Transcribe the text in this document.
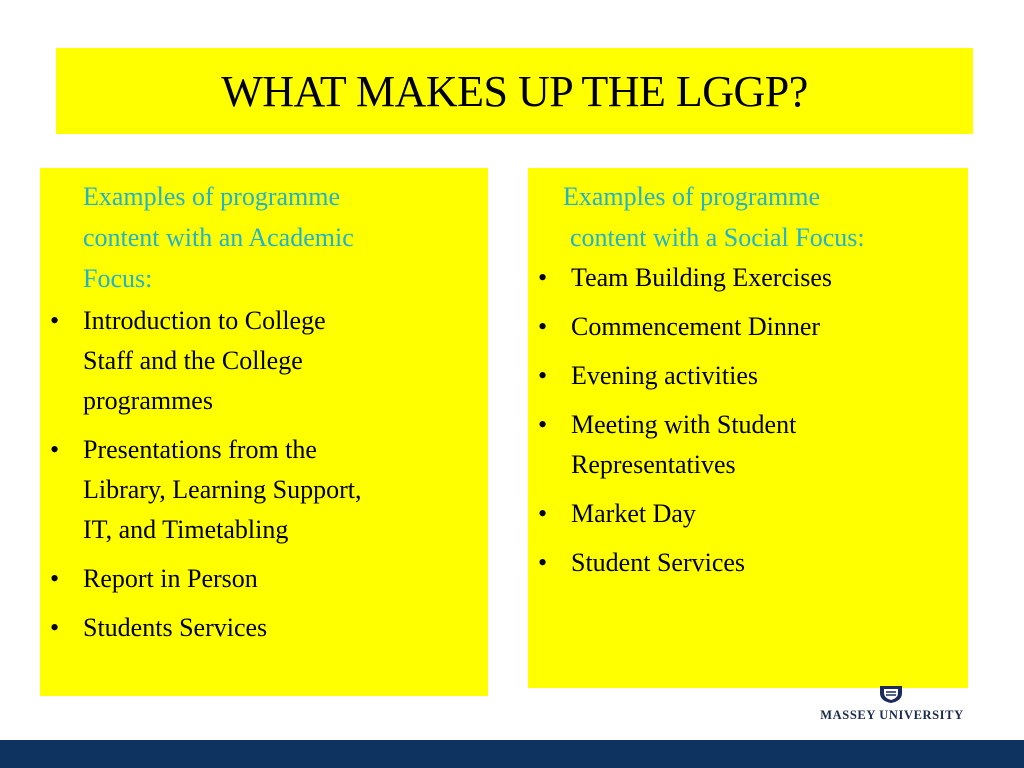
WHAT MAKES UP THE LGGP?
Examples of programme
content with an Academic
Focus:
• Introduction to College
Staff and the College
programmes
• Presentations from the
Library, Learning Support,
IT, and Timetabling
• Report in Person
• Students Services
Examples of programme
content with a Social Focus:
• Team Building Exercises
• Commencement Dinner
• Evening activities
• Meeting with Student
Representatives
• Market Day
• Student Services
MASSEY UNIVERSITY
